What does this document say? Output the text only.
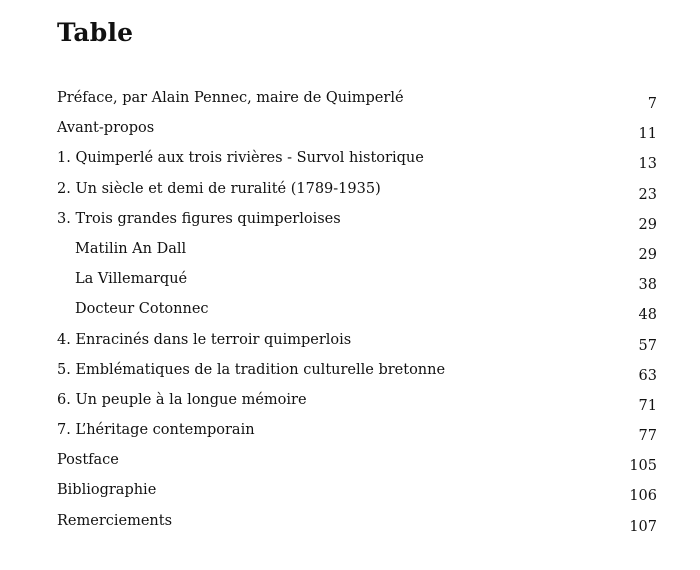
Table
Préface, par Alain Pennec, maire de Quimperlé	7
Avant-propos	11
1. Quimperlé aux trois rivières - Survol historique	13
2. Un siècle et demi de ruralité (1789-1935)	23
3. Trois grandes figures quimperloises	29
Matilin An Dall	29
La Villemarqué	38
Docteur Cotonnec	48
4. Enracinés dans le terroir quimperlois	57
5. Emblématiques de la tradition culturelle bretonne	63
6. Un peuple à la longue mémoire	71
7. L’héritage contemporain	77
Postface	105
Bibliographie	106
Remerciements	107
